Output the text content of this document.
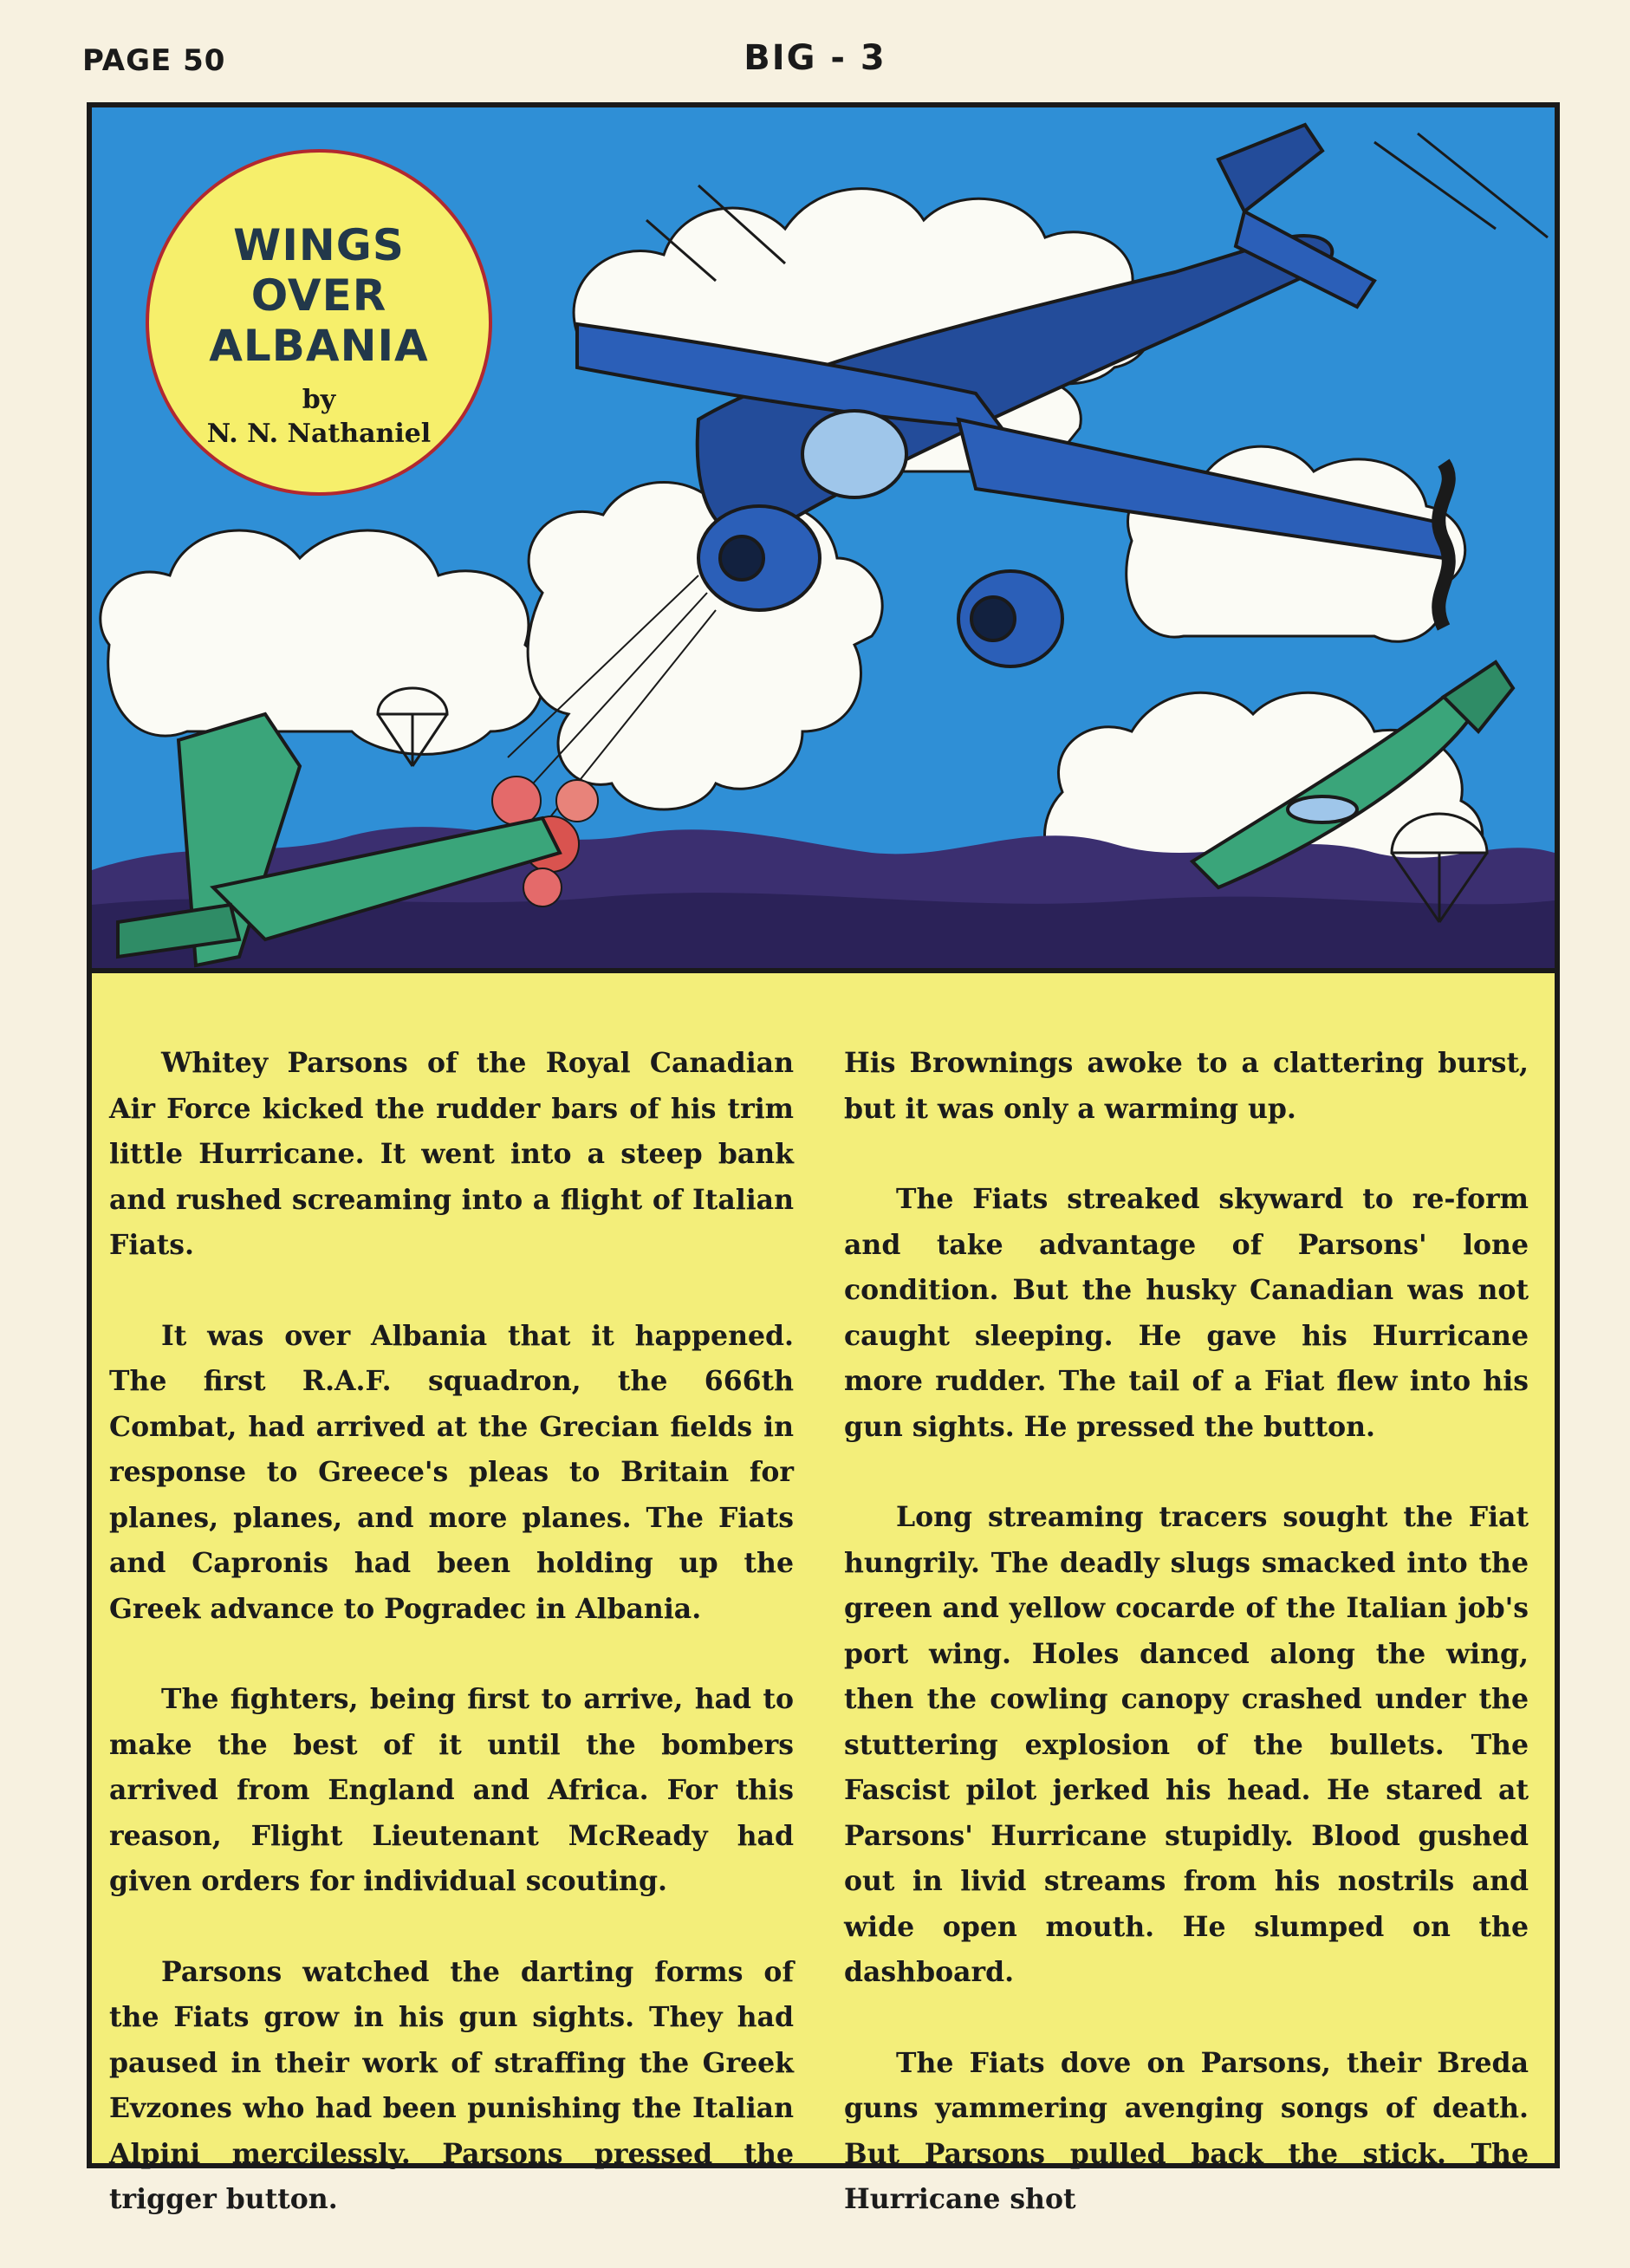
PAGE 50	BIG - 3
WINGS
OVER
ALBANIA
by
N. N. Nathaniel

Whitey Parsons of the Royal Canadian Air Force kicked the rudder bars of his trim little Hurricane. It went into a steep bank and rushed screaming into a flight of Italian Fiats.

It was over Albania that it happened. The first R.A.F. squadron, the 666th Combat, had arrived at the Grecian fields in response to Greece's pleas to Britain for planes, planes, and more planes. The Fiats and Capronis had been holding up the Greek advance to Pogradec in Albania.

The fighters, being first to arrive, had to make the best of it until the bombers arrived from England and Africa. For this reason, Flight Lieutenant McReady had given orders for individual scouting.

Parsons watched the darting forms of the Fiats grow in his gun sights. They had paused in their work of straffing the Greek Evzones who had been punishing the Italian Alpini mercilessly. Parsons pressed the trigger button.

His Brownings awoke to a clattering burst, but it was only a warming up.

The Fiats streaked skyward to re-form and take advantage of Parsons' lone condition. But the husky Canadian was not caught sleeping. He gave his Hurricane more rudder. The tail of a Fiat flew into his gun sights. He pressed the button.

Long streaming tracers sought the Fiat hungrily. The deadly slugs smacked into the green and yellow cocarde of the Italian job's port wing. Holes danced along the wing, then the cowling canopy crashed under the stuttering explosion of the bullets. The Fascist pilot jerked his head. He stared at Parsons' Hurricane stupidly. Blood gushed out in livid streams from his nostrils and wide open mouth. He slumped on the dashboard.

The Fiats dove on Parsons, their Breda guns yammering avenging songs of death. But Parsons pulled back the stick. The Hurricane shot
